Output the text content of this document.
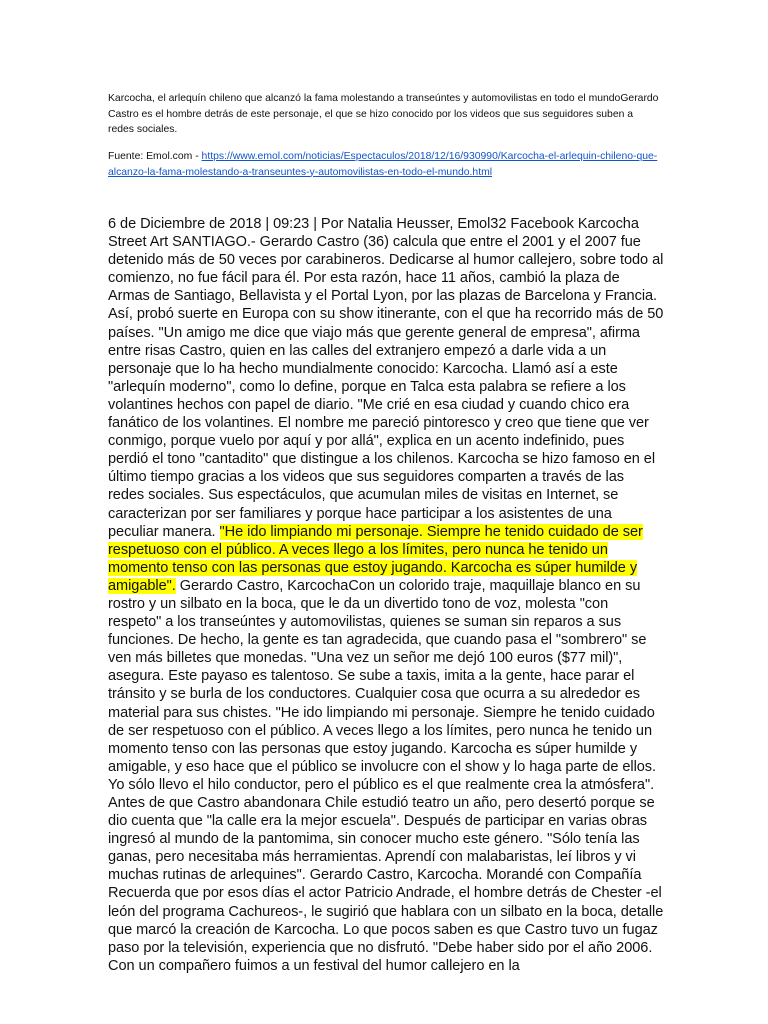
Karcocha, el arlequín chileno que alcanzó la fama molestando a transeúntes y automovilistas en todo el mundoGerardo Castro es el hombre detrás de este personaje, el que se hizo conocido por los videos que sus seguidores suben a redes sociales.

Fuente: Emol.com - https://www.emol.com/noticias/Espectaculos/2018/12/16/930990/Karcocha-el-arlequin-chileno-que-alcanzo-la-fama-molestando-a-transeuntes-y-automovilistas-en-todo-el-mundo.html

6 de Diciembre de 2018 | 09:23 | Por Natalia Heusser, Emol32 Facebook Karcocha Street Art SANTIAGO.- Gerardo Castro (36) calcula que entre el 2001 y el 2007 fue detenido más de 50 veces por carabineros. Dedicarse al humor callejero, sobre todo al comienzo, no fue fácil para él. Por esta razón, hace 11 años, cambió la plaza de Armas de Santiago, Bellavista y el Portal Lyon, por las plazas de Barcelona y Francia. Así, probó suerte en Europa con su show itinerante, con el que ha recorrido más de 50 países. "Un amigo me dice que viajo más que gerente general de empresa", afirma entre risas Castro, quien en las calles del extranjero empezó a darle vida a un personaje que lo ha hecho mundialmente conocido: Karcocha. Llamó así a este "arlequín moderno", como lo define, porque en Talca esta palabra se refiere a los volantines hechos con papel de diario. "Me crié en esa ciudad y cuando chico era fanático de los volantines. El nombre me pareció pintoresco y creo que tiene que ver conmigo, porque vuelo por aquí y por allá", explica en un acento indefinido, pues perdió el tono "cantadito" que distingue a los chilenos. Karcocha se hizo famoso en el último tiempo gracias a los videos que sus seguidores comparten a través de las redes sociales. Sus espectáculos, que acumulan miles de visitas en Internet, se caracterizan por ser familiares y porque hace participar a los asistentes de una peculiar manera. "He ido limpiando mi personaje. Siempre he tenido cuidado de ser respetuoso con el público. A veces llego a los límites, pero nunca he tenido un momento tenso con las personas que estoy jugando. Karcocha es súper humilde y amigable". Gerardo Castro, KarcochaCon un colorido traje, maquillaje blanco en su rostro y un silbato en la boca, que le da un divertido tono de voz, molesta "con respeto" a los transeúntes y automovilistas, quienes se suman sin reparos a sus funciones. De hecho, la gente es tan agradecida, que cuando pasa el "sombrero" se ven más billetes que monedas. "Una vez un señor me dejó 100 euros ($77 mil)", asegura. Este payaso es talentoso. Se sube a taxis, imita a la gente, hace parar el tránsito y se burla de los conductores. Cualquier cosa que ocurra a su alrededor es material para sus chistes. "He ido limpiando mi personaje. Siempre he tenido cuidado de ser respetuoso con el público. A veces llego a los límites, pero nunca he tenido un momento tenso con las personas que estoy jugando. Karcocha es súper humilde y amigable, y eso hace que el público se involucre con el show y lo haga parte de ellos. Yo sólo llevo el hilo conductor, pero el público es el que realmente crea la atmósfera". Antes de que Castro abandonara Chile estudió teatro un año, pero desertó porque se dio cuenta que "la calle era la mejor escuela". Después de participar en varias obras ingresó al mundo de la pantomima, sin conocer mucho este género. "Sólo tenía las ganas, pero necesitaba más herramientas. Aprendí con malabaristas, leí libros y vi muchas rutinas de arlequines". Gerardo Castro, Karcocha. Morandé con Compañía Recuerda que por esos días el actor Patricio Andrade, el hombre detrás de Chester -el león del programa Cachureos-, le sugirió que hablara con un silbato en la boca, detalle que marcó la creación de Karcocha. Lo que pocos saben es que Castro tuvo un fugaz paso por la televisión, experiencia que no disfrutó. "Debe haber sido por el año 2006. Con un compañero fuimos a un festival del humor callejero en la
